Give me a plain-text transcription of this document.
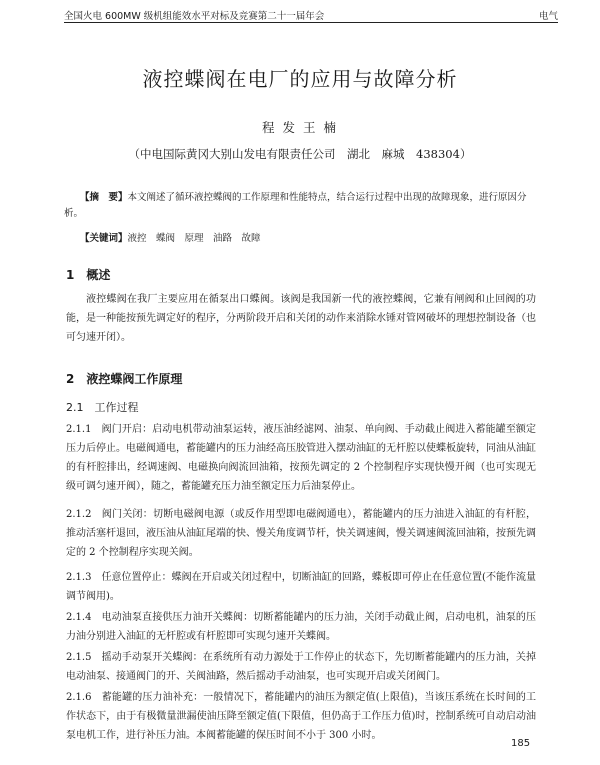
全国火电 600MW 级机组能效水平对标及竞赛第二十一届年会	电气
液控蝶阀在电厂的应用与故障分析
程 发 王 楠
（中电国际黄冈大别山发电有限责任公司　湖北　麻城　438304）
【摘　要】本文阐述了循环液控蝶阀的工作原理和性能特点，结合运行过程中出现的故障现象，进行原因分析。
【关键词】液控　蝶阀　原理　油路　故障
1　概述
液控蝶阀在我厂主要应用在循泵出口蝶阀。该阀是我国新一代的液控蝶阀，它兼有闸阀和止回阀的功能，是一种能按预先调定好的程序，分两阶段开启和关闭的动作来消除水锤对管网破坏的理想控制设备（也可匀速开闭）。
2　液控蝶阀工作原理
2.1　工作过程
2.1.1　 阀门开启：启动电机带动油泵运转，液压油经滤网、油泵、单向阀、手动截止阀进入蓄能罐至额定压力后停止。电磁阀通电，蓄能罐内的压力油经高压胶管进入摆动油缸的无杆腔以使蝶板旋转，同油从油缸的有杆腔排出，经调速阀、电磁换向阀流回油箱，按预先调定的 2 个控制程序实现快慢开阀（也可实现无级可调匀速开阀），随之，蓄能罐充压力油至额定压力后油泵停止。
2.1.2　 阀门关闭：切断电磁阀电源（或反作用型即电磁阀通电），蓄能罐内的压力油进入油缸的有杆腔，推动活塞杆退回，液压油从油缸尾端的快、慢关角度调节杆，快关调速阀，慢关调速阀流回油箱，按预先调定的 2 个控制程序实现关阀。
2.1.3　 任意位置停止：蝶阀在开启或关闭过程中，切断油缸的回路，蝶板即可停止在任意位置(不能作流量调节阀用)。
2.1.4　 电动油泵直接供压力油开关蝶阀：切断蓄能罐内的压力油，关闭手动截止阀，启动电机，油泵的压力油分别进入油缸的无杆腔或有杆腔即可实现匀速开关蝶阀。
2.1.5　 摇动手动泵开关蝶阀：在系统所有动力源处于工作停止的状态下，先切断蓄能罐内的压力油，关掉电动油泵、接通阀门的开、关阀油路，然后摇动手动油泵，也可实现开启或关闭阀门。
2.1.6　 蓄能罐的压力油补充：一般情况下，蓄能罐内的油压为额定值(上限值)，当该压系统在长时间的工作状态下，由于有极微量泄漏使油压降至额定值(下限值，但仍高于工作压力值)时，控制系统可自动启动油泵电机工作，进行补压力油。本阀蓄能罐的保压时间不小于 300 小时。
185
